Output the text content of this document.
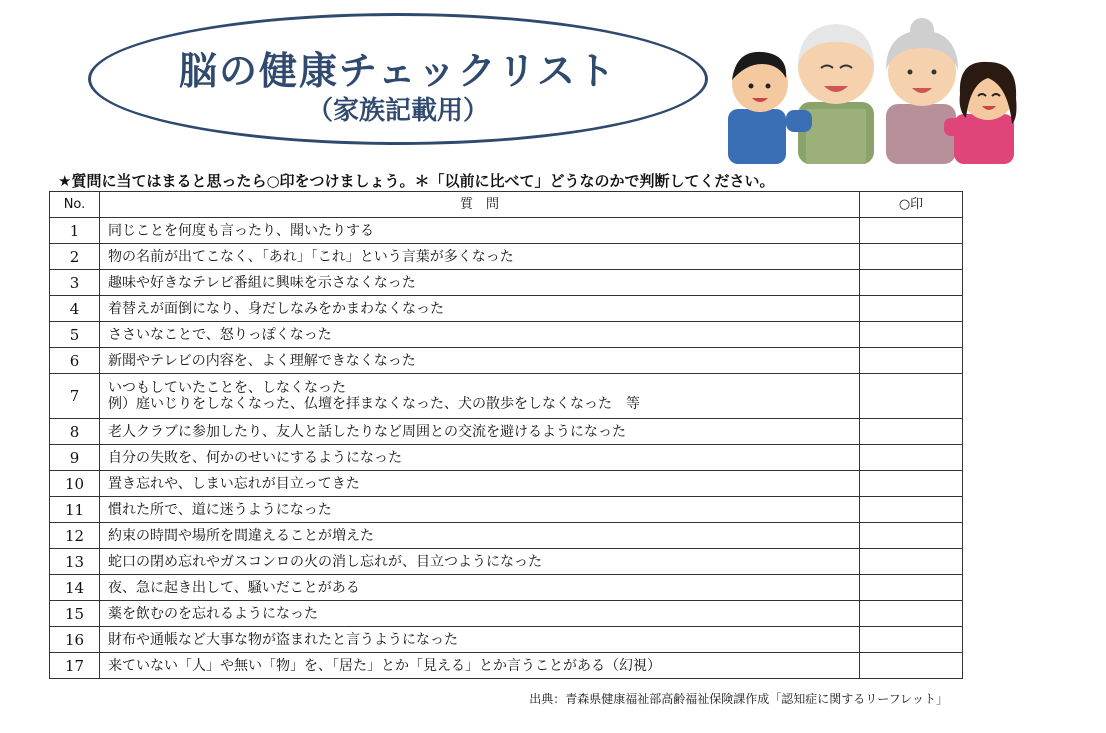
脳の健康チェックリスト
（家族記載用）
★質問に当てはまると思ったら○印をつけましょう。＊「以前に比べて」どうなのかで判断してください。
No.	質　問	○印
1	同じことを何度も言ったり、聞いたりする	
2	物の名前が出てこなく、「あれ」「これ」という言葉が多くなった	
3	趣味や好きなテレビ番組に興味を示さなくなった	
4	着替えが面倒になり、身だしなみをかまわなくなった	
5	ささいなことで、怒りっぽくなった	
6	新聞やテレビの内容を、よく理解できなくなった	
7	いつもしていたことを、しなくなった
例）庭いじりをしなくなった、仏壇を拝まなくなった、犬の散歩をしなくなった　等	

8	老人クラブに参加したり、友人と話したりなど周囲との交流を避けるようになった	
9	自分の失敗を、何かのせいにするようになった	
10	置き忘れや、しまい忘れが目立ってきた	
11	慣れた所で、道に迷うようになった	
12	約束の時間や場所を間違えることが増えた	
13	蛇口の閉め忘れやガスコンロの火の消し忘れが、目立つようになった	
14	夜、急に起き出して、騒いだことがある	
15	薬を飲むのを忘れるようになった	
16	財布や通帳など大事な物が盗まれたと言うようになった	
17	来ていない「人」や無い「物」を、「居た」とか「見える」とか言うことがある（幻視）	
出典：青森県健康福祉部高齢福祉保険課作成「認知症に関するリーフレット」
